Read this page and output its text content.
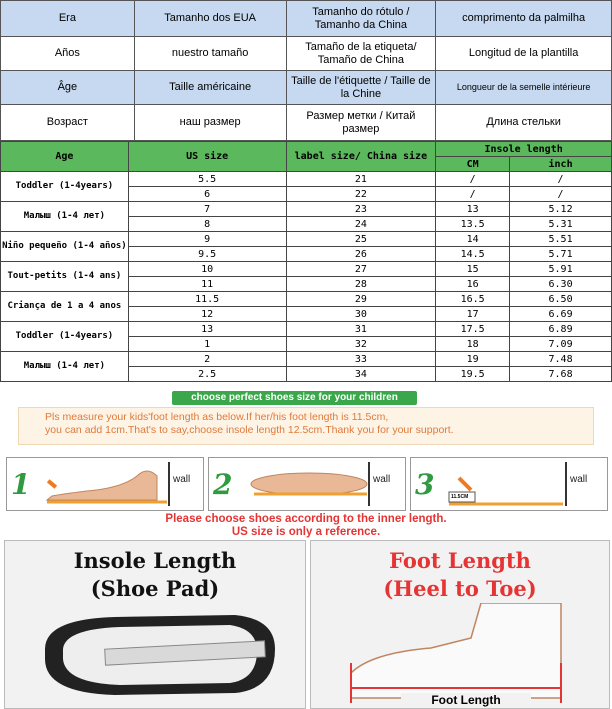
Era	Tamanho dos EUA	Tamanho do rótulo / Tamanho da China	comprimento da palmilha
Años	nuestro tamaño	Tamaño de la etiqueta/ Tamaño de China	Longitud de la plantilla
Âge	Taille américaine	Taille de l'étiquette / Taille de la Chine	Longueur de la semelle intérieure
Возраст	наш размер	Размер метки / Китай размер	Длина стельки
Age	US size	label size/ China size	Insole length	
			CM	inch
Toddler (1-4years)	5.5	21	/	/
	6	22	/	/
Малыш (1-4 лет)	7	23	13	5.12
	8	24	13.5	5.31
Niño pequeño (1-4 años)	9	25	14	5.51
	9.5	26	14.5	5.71
Tout-petits (1-4 ans)	10	27	15	5.91
	11	28	16	6.30
Criança de 1 a 4 anos	11.5	29	16.5	6.50
	12	30	17	6.69
Toddler (1-4years)	13	31	17.5	6.89
	1	32	18	7.09
Малыш (1-4 лет)	2	33	19	7.48
	2.5	34	19.5	7.68
choose perfect shoes size for your children
Pls measure your kids'foot length as below.If her/his foot length is 11.5cm,
you can add 1cm.That's to say,choose insole length 12.5cm.Thank you for your support.
1	wall 2	wall 3	11.5CM
wall
Please choose shoes according to the inner length.
US size is only a reference.
Insole Length
(Shoe Pad)
Foot Length
(Heel to Toe)
Foot Length
